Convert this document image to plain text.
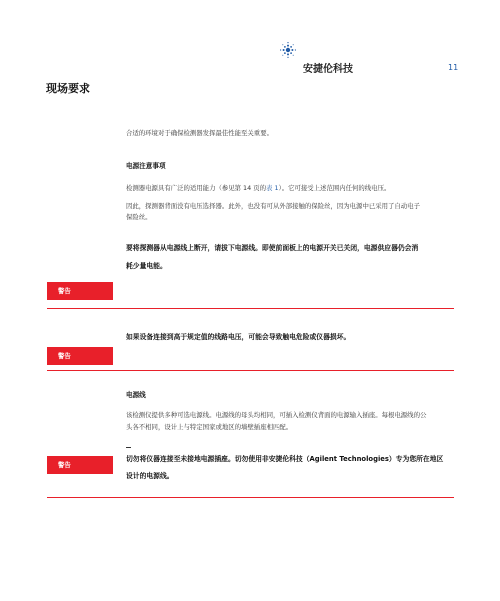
安捷伦科技	11
现场要求
合适的环境对于确保检测器发挥最佳性能至关重要。
电源注意事项
检测器电源具有广泛的适用能力（参见第 14 页的表 1）。它可接受上述范围内任何的线电压。
因此，探测器背面没有电压选择器。此外，也没有可从外部接触的保险丝，因为电源中已采用了自动电子
保险丝。
要将探测器从电源线上断开，请拔下电源线。即使前面板上的电源开关已关闭，电源供应器仍会消
耗少量电能。
警告
如果设备连接到高于规定值的线路电压，可能会导致触电危险或仪器损坏。
警告
电源线
该检测仪提供多种可选电源线。电源线的母头均相同，可插入检测仪背面的电源输入插座。每根电源线的公
头各不相同，设计上与特定国家或地区的墙壁插座相匹配。
切勿将仪器连接至未接地电源插座。切勿使用非安捷伦科技（Agilent Technologies）专为您所在地区
设计的电源线。
警告
